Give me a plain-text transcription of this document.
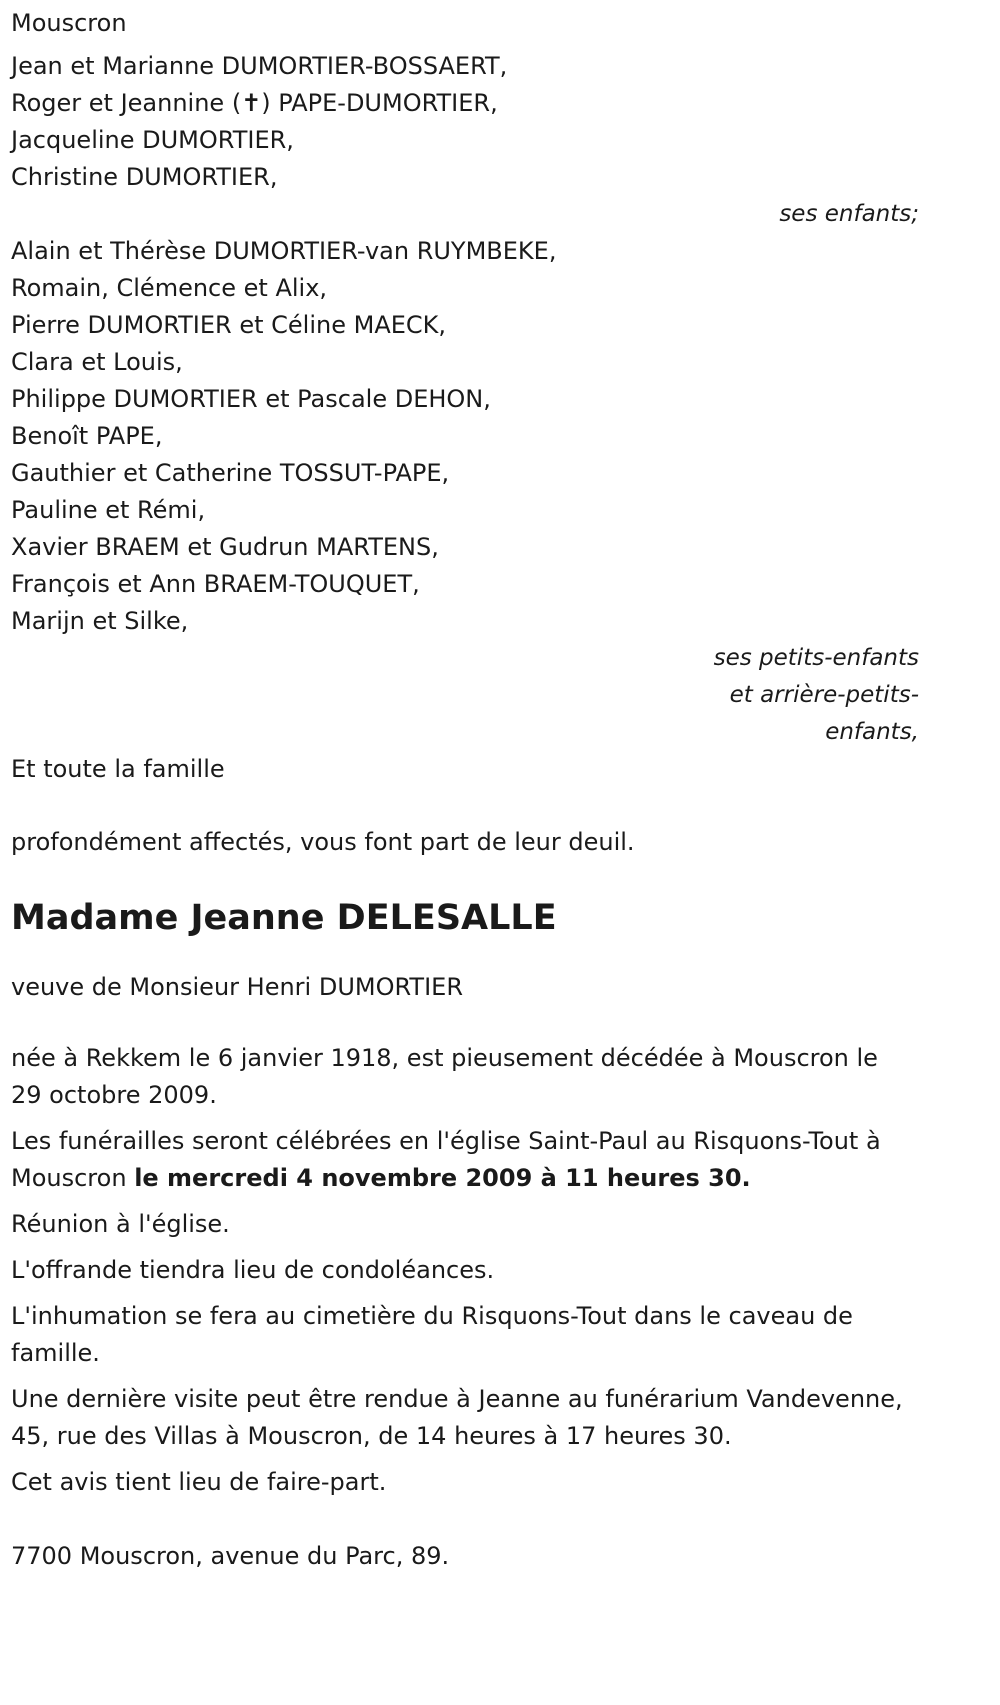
Mouscron

Jean et Marianne DUMORTIER-BOSSAERT,

Roger et Jeannine (✝) PAPE-DUMORTIER,

Jacqueline DUMORTIER,

Christine DUMORTIER,

ses enfants;

Alain et Thérèse DUMORTIER-van RUYMBEKE,

Romain, Clémence et Alix,

Pierre DUMORTIER et Céline MAECK,

Clara et Louis,

Philippe DUMORTIER et Pascale DEHON,

Benoît PAPE,

Gauthier et Catherine TOSSUT-PAPE,

Pauline et Rémi,

Xavier BRAEM et Gudrun MARTENS,

François et Ann BRAEM-TOUQUET,

Marijn et Silke,

ses petits-enfants

et arrière-petits-

enfants,

Et toute la famille

profondément affectés, vous font part de leur deuil.

Madame Jeanne DELESALLE

veuve de Monsieur Henri DUMORTIER

née à Rekkem le 6 janvier 1918, est pieusement décédée à Mouscron le 29 octobre 2009.

Les funérailles seront célébrées en l'église Saint-Paul au Risquons-Tout à Mouscron le mercredi 4 novembre 2009 à 11 heures 30.

Réunion à l'église.

L'offrande tiendra lieu de condoléances.

L'inhumation se fera au cimetière du Risquons-Tout dans le caveau de famille.

Une dernière visite peut être rendue à Jeanne au funérarium Vandevenne, 45, rue des Villas à Mouscron, de 14 heures à 17 heures 30.

Cet avis tient lieu de faire-part.

7700 Mouscron, avenue du Parc, 89.
